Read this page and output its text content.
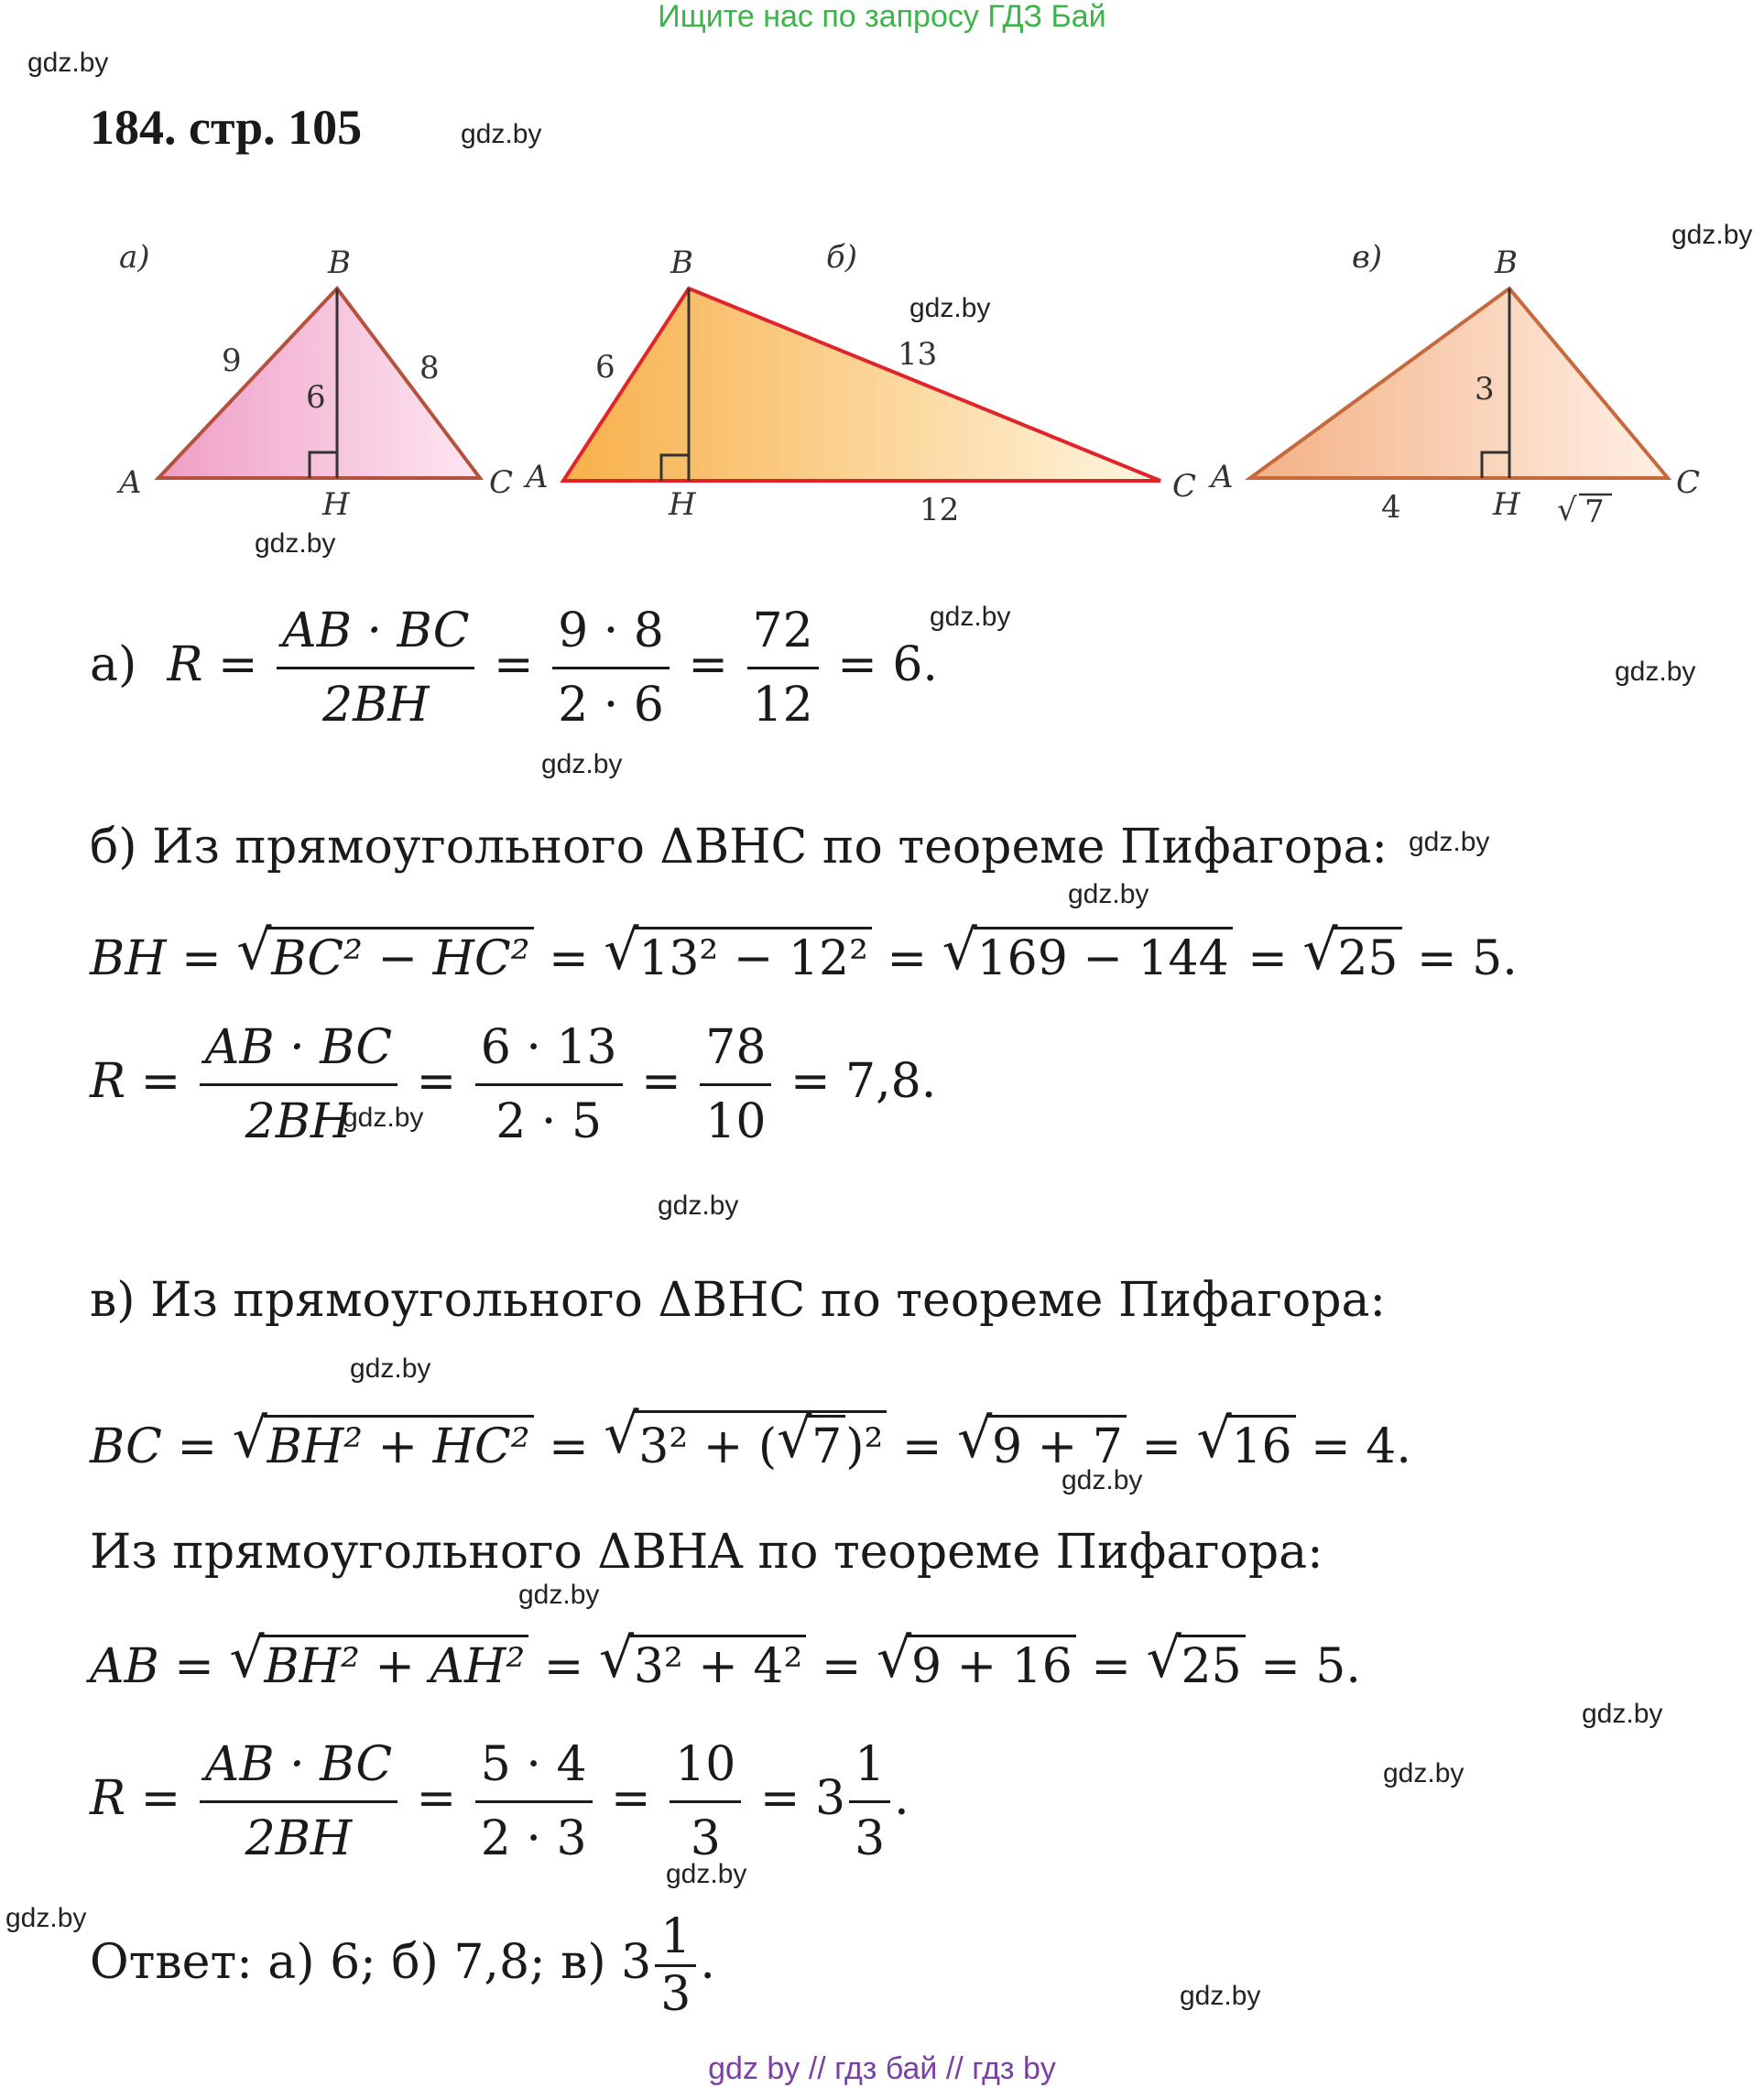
Ищите нас по запросу ГДЗ Бай
gdz.by
gdz.by
gdz.by
gdz.by
gdz.by
gdz.by
gdz.by
gdz.by
gdz.by
gdz.by
gdz.by
gdz.by
gdz.by
gdz.by
gdz.by
gdz.by
gdz.by
gdz.by
gdz.by
gdz.by
184. стр. 105
а)	B
A	C
H
9	8
6
б)
B
A	C
H
6	13
12
в)	B
A	C
H
3
4	√ 7
а) $R = \frac{AB \cdot BC}{2BH} = \frac{9 \cdot 8}{2 \cdot 6} = \frac{72}{12} = 6$.
б) Из прямоугольного ΔBHC по теореме Пифагора:
BH = √ BC² − HC² = √ 13² − 12² = √ 169 − 144 = √ 25 = 5.
$R = \frac{AB \cdot BC}{2BH} = \frac{6 \cdot 13}{2 \cdot 5} = \frac{78}{10} = 7,8$.
в) Из прямоугольного ΔBHC по теореме Пифагора:
BC = √ BH² + HC² = √ 3² + ( √ 7)² = √ 9 + 7 = √ 16 = 4.
Из прямоугольного ΔBHA по теореме Пифагора:
AB = √ BH² + AH² = √ 3² + 4² = √ 9 + 16 = √ 25 = 5.
$R = \frac{AB \cdot BC}{2BH} = \frac{5 \cdot 4}{2 \cdot 3} = \frac{10}{3} = 3 \frac{1}{3}$ .
Ответ: а) 6; б) 7,8; в) $3 \frac{1}{3}$ .
gdz by // гдз бай // гдз by
